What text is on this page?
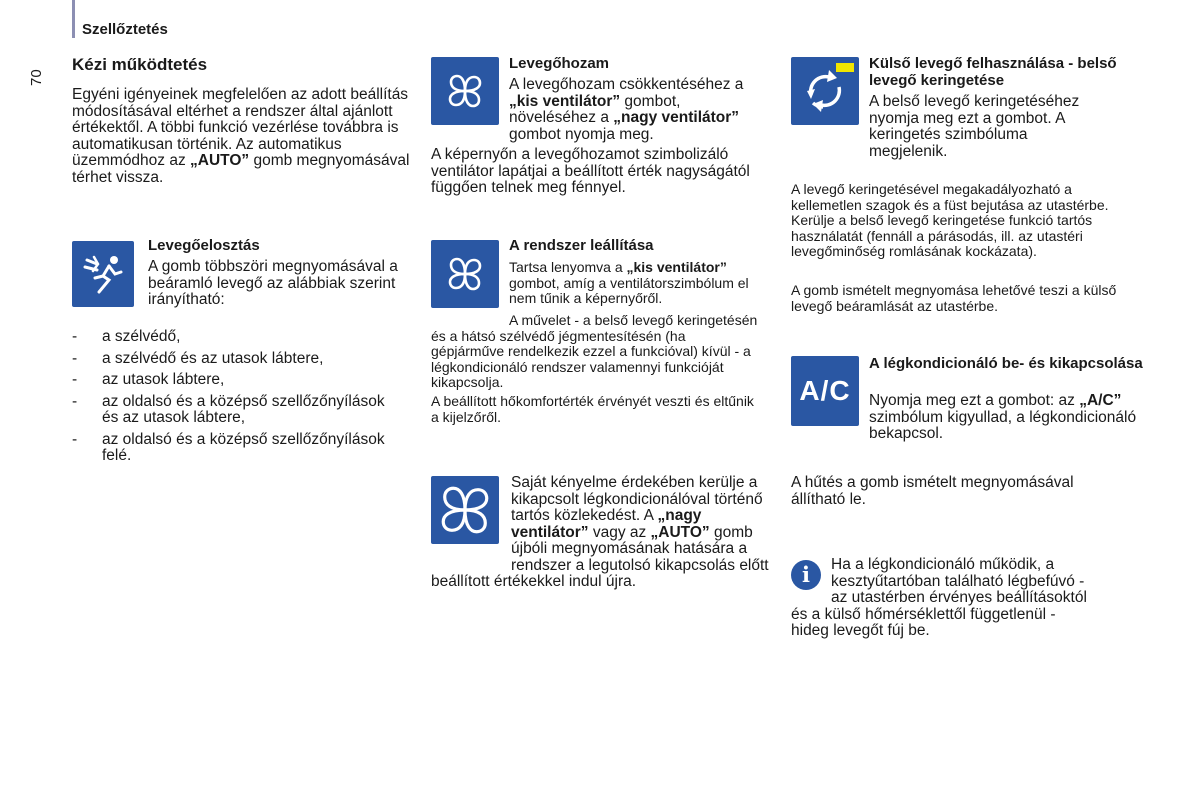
Szellőztetés
70
Kézi működtetés

Egyéni igényeinek megfelelően az adott beállítás módosításával eltérhet a rendszer által ajánlott értékektől. A többi funkció vezérlése továbbra is automatikusan történik. Az automatikus üzemmódhoz az „AUTO” gomb megnyomásával térhet vissza.

Levegőelosztás

A gomb többszöri megnyomásával a beáramló levegő az alábbiak szerint irányítható:

- a szélvédő,
- a szélvédő és az utasok lábtere,
- az utasok lábtere,
- az oldalsó és a középső szellőzőnyílások és az utasok lábtere,
- az oldalsó és a középső szellőzőnyílások felé.
Levegőhozam

A levegőhozam csökkentéséhez a „kis ventilátor” gombot, növeléséhez a „nagy ventilátor” gombot nyomja meg.

A képernyőn a levegőhozamot szimbolizáló ventilátor lapátjai a beállított érték nagyságától függően telnek meg fénnyel.

A rendszer leállítása

Tartsa lenyomva a „kis ventilátor” gombot, amíg a ventilátorszimbólum el nem tűnik a képernyőről.

A művelet - a belső levegő keringetésén és a hátsó szélvédő jégmentesítésén (ha gépjárműve rendelkezik ezzel a funkcióval) kívül - a légkondicionáló rendszer valamennyi funkcióját kikapcsolja.

A beállított hőkomfortérték érvényét veszti és eltűnik a kijelzőről.

Saját kényelme érdekében kerülje a kikapcsolt légkondicionálóval történő tartós közlekedést. A „nagy ventilátor” vagy az „AUTO” gomb újbóli megnyomásának hatására a rendszer a legutolsó kikapcsolás előtt beállított értékekkel indul újra.

Külső levegő felhasználása - belső levegő keringetése

A belső levegő keringetéséhez nyomja meg ezt a gombot. A keringetés szimbóluma megjelenik.

A levegő keringetésével megakadályozható a kellemetlen szagok és a füst bejutása az utastérbe. Kerülje a belső levegő keringetése funkció tartós használatát (fennáll a párásodás, ill. az utastéri levegőminőség romlásának kockázata).

A gomb ismételt megnyomása lehetővé teszi a külső levegő beáramlását az utastérbe.

A/C
A légkondicionáló be- és kikapcsolása

Nyomja meg ezt a gombot: az „A/C” szimbólum kigyullad, a légkondicionáló bekapcsol.

A hűtés a gomb ismételt megnyomásával állítható le.

i	Ha a légkondicionáló működik, a kesztyűtartóban található légbefúvó - az utastérben érvényes beállításoktól és a külső hőmérséklettől függetlenül - hideg levegőt fúj be.
